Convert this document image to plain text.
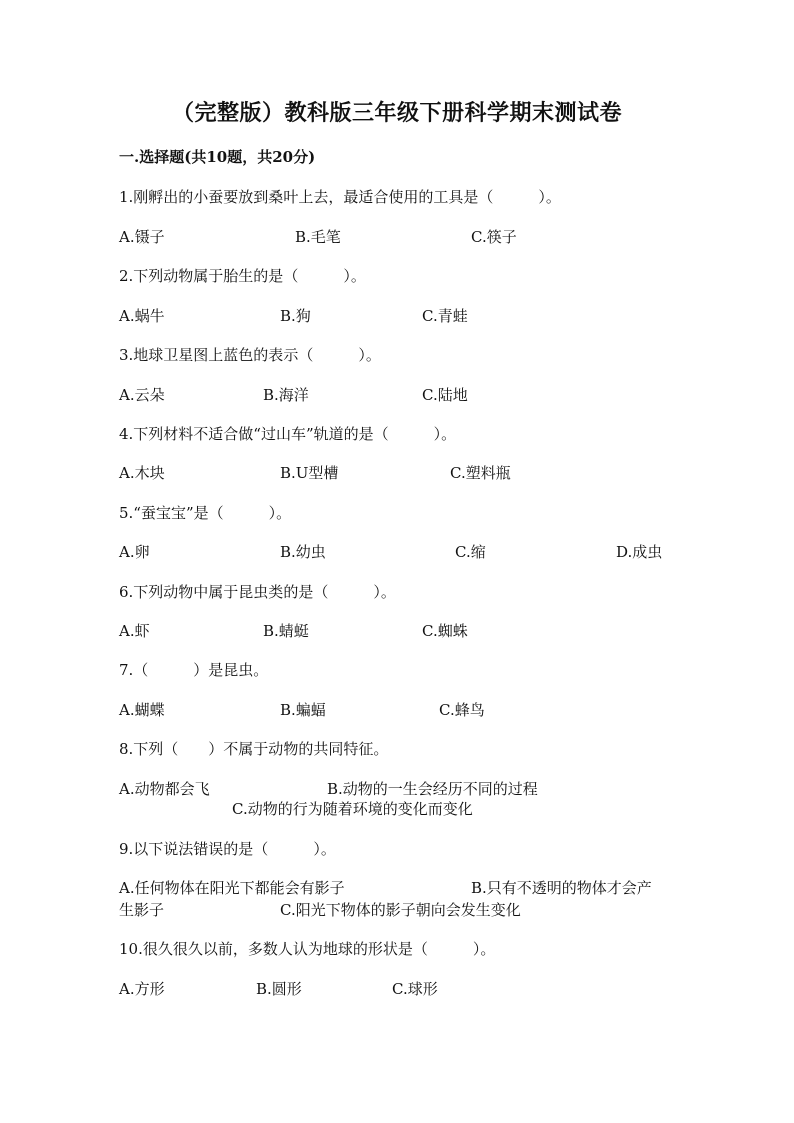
（完整版）教科版三年级下册科学期末测试卷
一.选择题(共10题，共20分)
1.刚孵出的小蚕要放到桑叶上去，最适合使用的工具是（　　　）。
A.镊子	B.毛笔	C.筷子
2.下列动物属于胎生的是（　　　）。
A.蜗牛	B.狗	C.青蛙
3.地球卫星图上蓝色的表示（　　　）。
A.云朵	B.海洋	C.陆地
4.下列材料不适合做“过山车”轨道的是（　　　）。
A.木块	B.U型槽	C.塑料瓶
5.“蚕宝宝”是（　　　）。
A.卵	B.幼虫	C.缩	D.成虫
6.下列动物中属于昆虫类的是（　　　）。
A.虾	B.蜻蜓	C.蜘蛛
7.（　　　）是昆虫。
A.蝴蝶	B.蝙蝠	C.蜂鸟
8.下列（　　）不属于动物的共同特征。
A.动物都会飞	B.动物的一生会经历不同的过程
C.动物的行为随着环境的变化而变化
9.以下说法错误的是（　　　）。
A.任何物体在阳光下都能会有影子	B.只有不透明的物体才会产
生影子	C.阳光下物体的影子朝向会发生变化
10.很久很久以前，多数人认为地球的形状是（　　　）。
A.方形	B.圆形	C.球形
